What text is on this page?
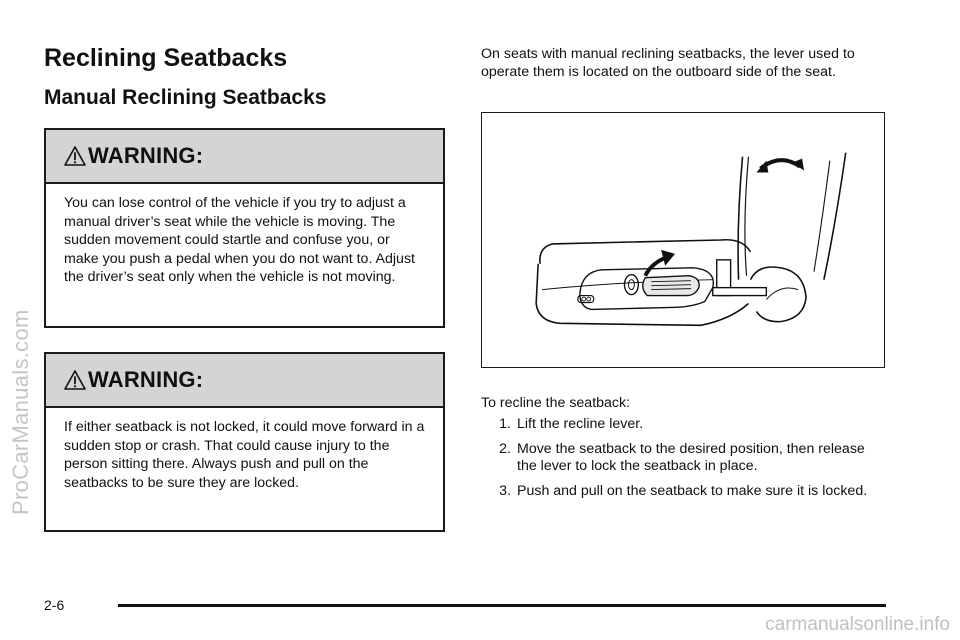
Reclining Seatbacks
Manual Reclining Seatbacks
WARNING:
You can lose control of the vehicle if you try to adjust a manual driver’s seat while the vehicle is moving. The sudden movement could startle and confuse you, or make you push a pedal when you do not want to. Adjust the driver’s seat only when the vehicle is not moving.
WARNING:
If either seatback is not locked, it could move forward in a sudden stop or crash. That could cause injury to the person sitting there. Always push and pull on the seatbacks to be sure they are locked.

On seats with manual reclining seatbacks, the lever used to operate them is located on the outboard side of the seat.

To recline the seatback:

1. Lift the recline lever.
2. Move the seatback to the desired position, then release the lever to lock the seatback in place.
3. Push and pull on the seatback to make sure it is locked.
2-6
ProCarManuals.com
carmanualsonline.info
